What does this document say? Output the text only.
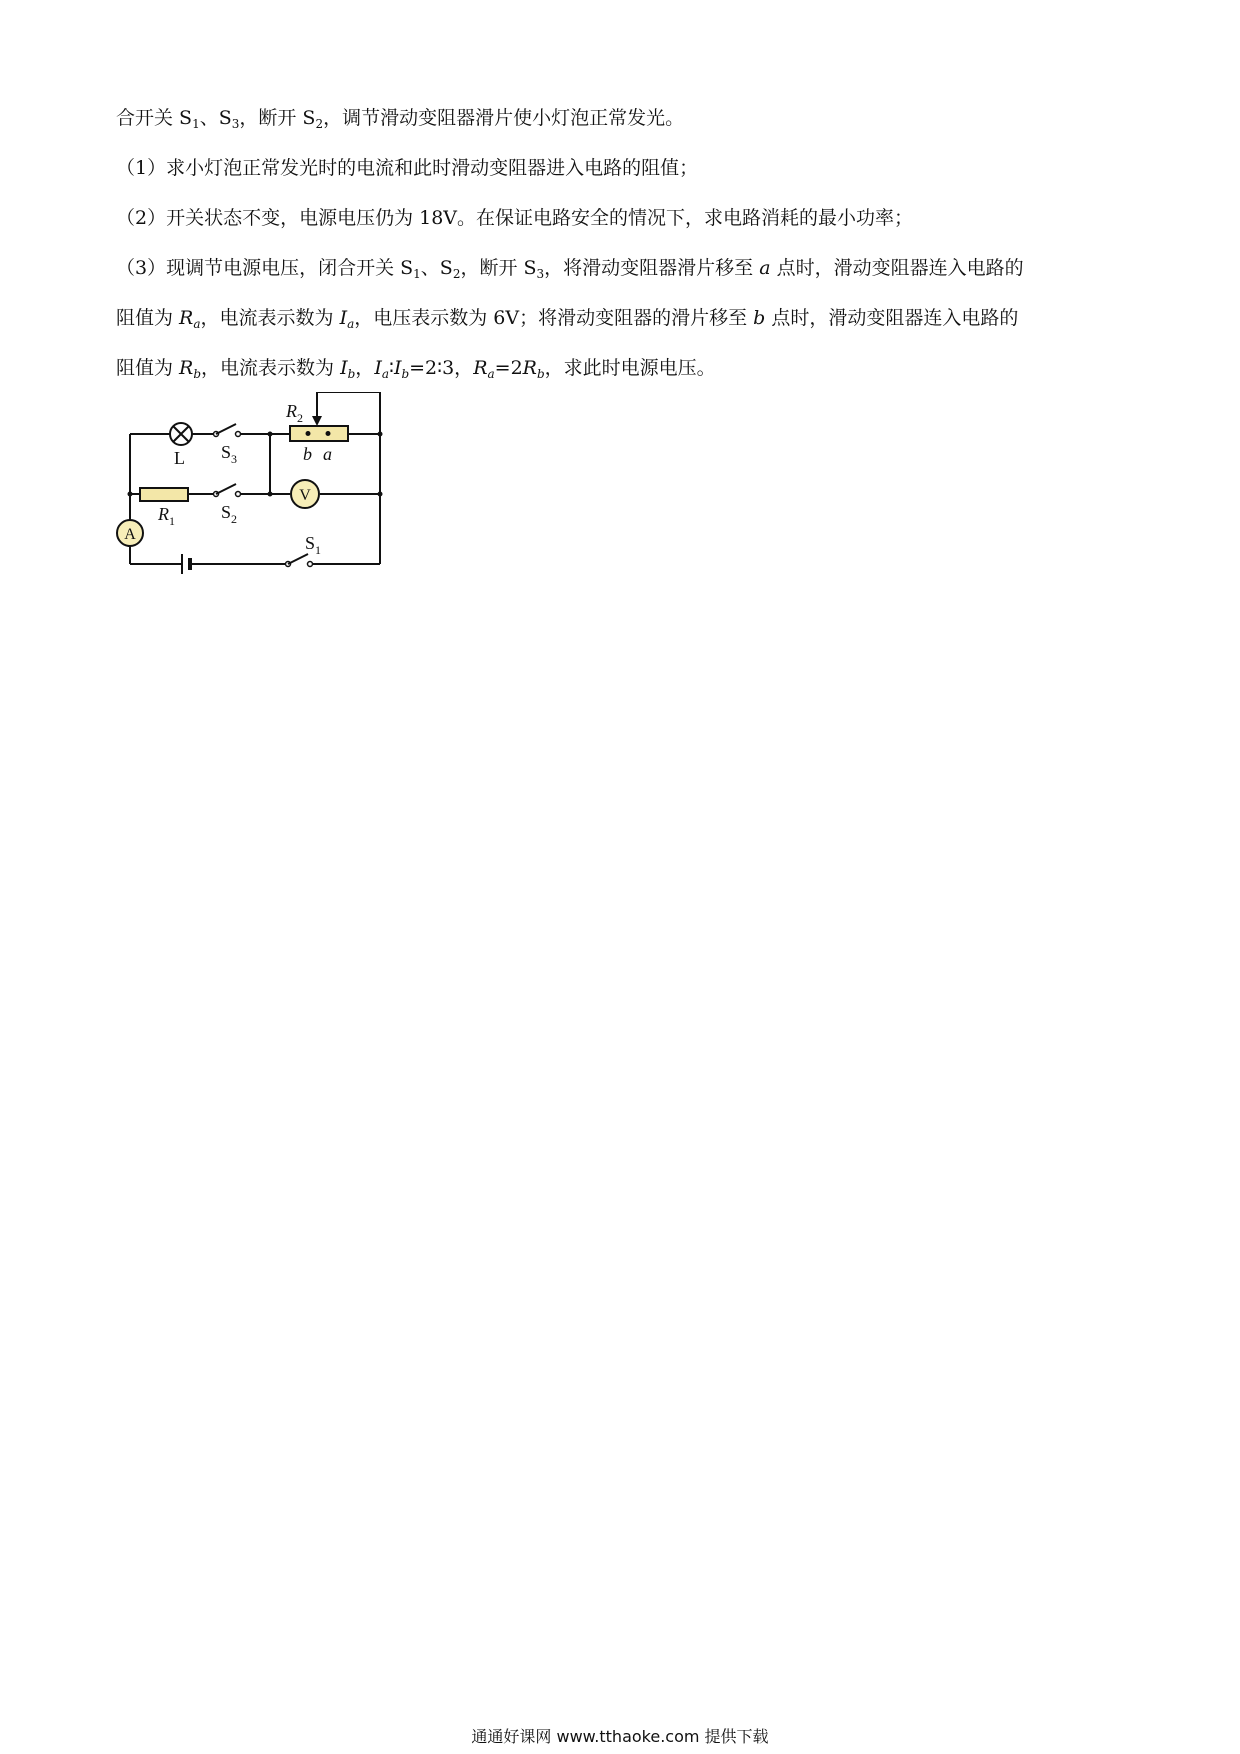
合开关 $S_1$、$S_3$，断开 $S_2$，调节滑动变阻器滑片使小灯泡正常发光。
（1）求小灯泡正常发光时的电流和此时滑动变阻器进入电路的阻值；
（2）开关状态不变，电源电压仍为 18V。在保证电路安全的情况下，求电路消耗的最小功率；
（3）现调节电源电压，闭合开关 $S_1$、$S_2$，断开 $S_3$，将滑动变阻器滑片移至 a 点时，滑动变阻器连入电路的
阻值为 $R_a$，电流表示数为 $I_a$，电压表示数为 6V；将滑动变阻器的滑片移至 b 点时，滑动变阻器连入电路的
阻值为 $R_b$，电流表示数为 $I_b$，$I_a∶I_b=2∶3$，$R_a=2R_b$，求此时电源电压。
V
A
L $S_3$
$S_2$
$S_1$
$R_1$
$R_2$
b a
通通好课网 www.tthaoke.com 提供下载
